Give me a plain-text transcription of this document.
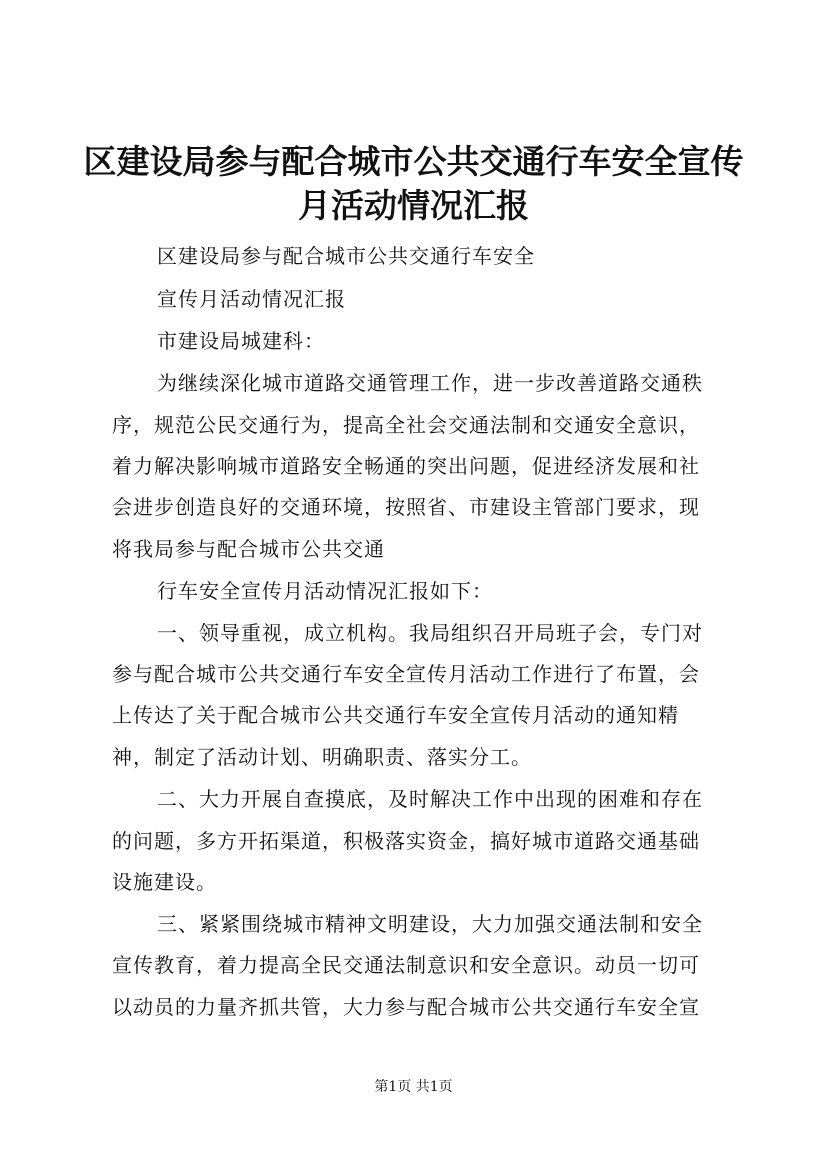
区建设局参与配合城市公共交通行车安全宣传
月活动情况汇报
区建设局参与配合城市公共交通行车安全
宣传月活动情况汇报
市建设局城建科：
为继续深化城市道路交通管理工作，进一步改善道路交通秩
序，规范公民交通行为，提高全社会交通法制和交通安全意识，
着力解决影响城市道路安全畅通的突出问题，促进经济发展和社
会进步创造良好的交通环境，按照省、市建设主管部门要求，现
将我局参与配合城市公共交通
行车安全宣传月活动情况汇报如下：
一、领导重视，成立机构。我局组织召开局班子会，专门对
参与配合城市公共交通行车安全宣传月活动工作进行了布置，会
上传达了关于配合城市公共交通行车安全宣传月活动的通知精
神，制定了活动计划、明确职责、落实分工。
二、大力开展自查摸底，及时解决工作中出现的困难和存在
的问题，多方开拓渠道，积极落实资金，搞好城市道路交通基础
设施建设。
三、紧紧围绕城市精神文明建设，大力加强交通法制和安全
宣传教育，着力提高全民交通法制意识和安全意识。动员一切可
以动员的力量齐抓共管，大力参与配合城市公共交通行车安全宣
第1页 共1页
